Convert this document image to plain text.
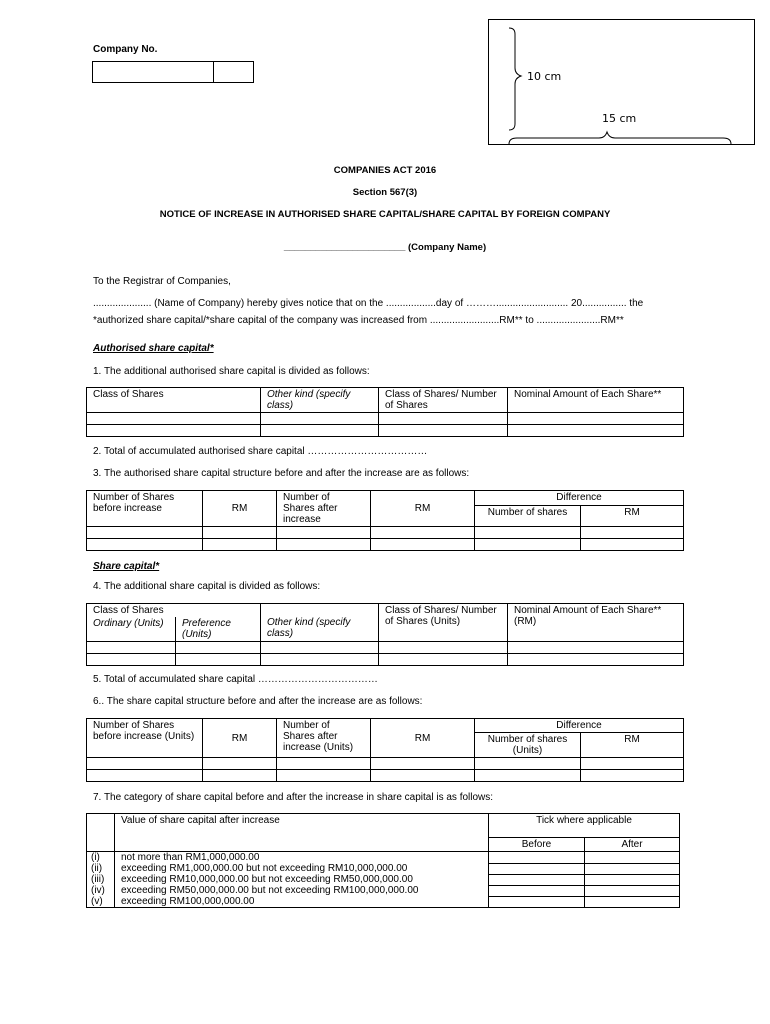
Company No.
10 cm
15 cm
COMPANIES ACT 2016
Section 567(3)
NOTICE OF INCREASE IN AUTHORISED SHARE CAPITAL/SHARE CAPITAL BY FOREIGN COMPANY
_______________________ (Company Name)
To the Registrar of Companies,
..................... (Name of Company) hereby gives notice that on the ..................day of ……….......................... 20................ the
*authorized share capital/*share capital of the company was increased from .........................RM** to .......................RM**
Authorised share capital*
1. The additional authorised share capital is divided as follows:
Class of Shares	Other kind (specify class)	Class of Shares/ Number of Shares	Nominal Amount of Each Share**

2. Total of accumulated authorised share capital ………………………………
3. The authorised share capital structure before and after the increase are as follows:
Number of Shares before increase	RM	Number of Shares after increase	RM	Difference	
				Number of shares	RM

Share capital*
4. The additional share capital is divided as follows:
Class of Shares		Other kind (specify class)	Class of Shares/ Number of Shares (Units)	Nominal Amount of Each Share** (RM)
Ordinary (Units)	Preference (Units)			

5. Total of accumulated share capital ………………………………
6.. The share capital structure before and after the increase are as follows:
Number of Shares before increase (Units)	RM	Number of Shares after increase (Units)	RM	Difference	
				Number of shares (Units)	RM

7. The category of share capital before and after the increase in share capital is as follows:
	Value of share capital after increase	Tick where applicable	
		Before	After
(i)	not more than RM1,000,000.00		
(ii)	exceeding RM1,000,000.00 but not exceeding RM10,000,000.00		
(iii)	exceeding RM10,000,000.00 but not exceeding RM50,000,000.00		
(iv)	exceeding RM50,000,000.00 but not exceeding RM100,000,000.00		
(v)	exceeding RM100,000,000.00		
